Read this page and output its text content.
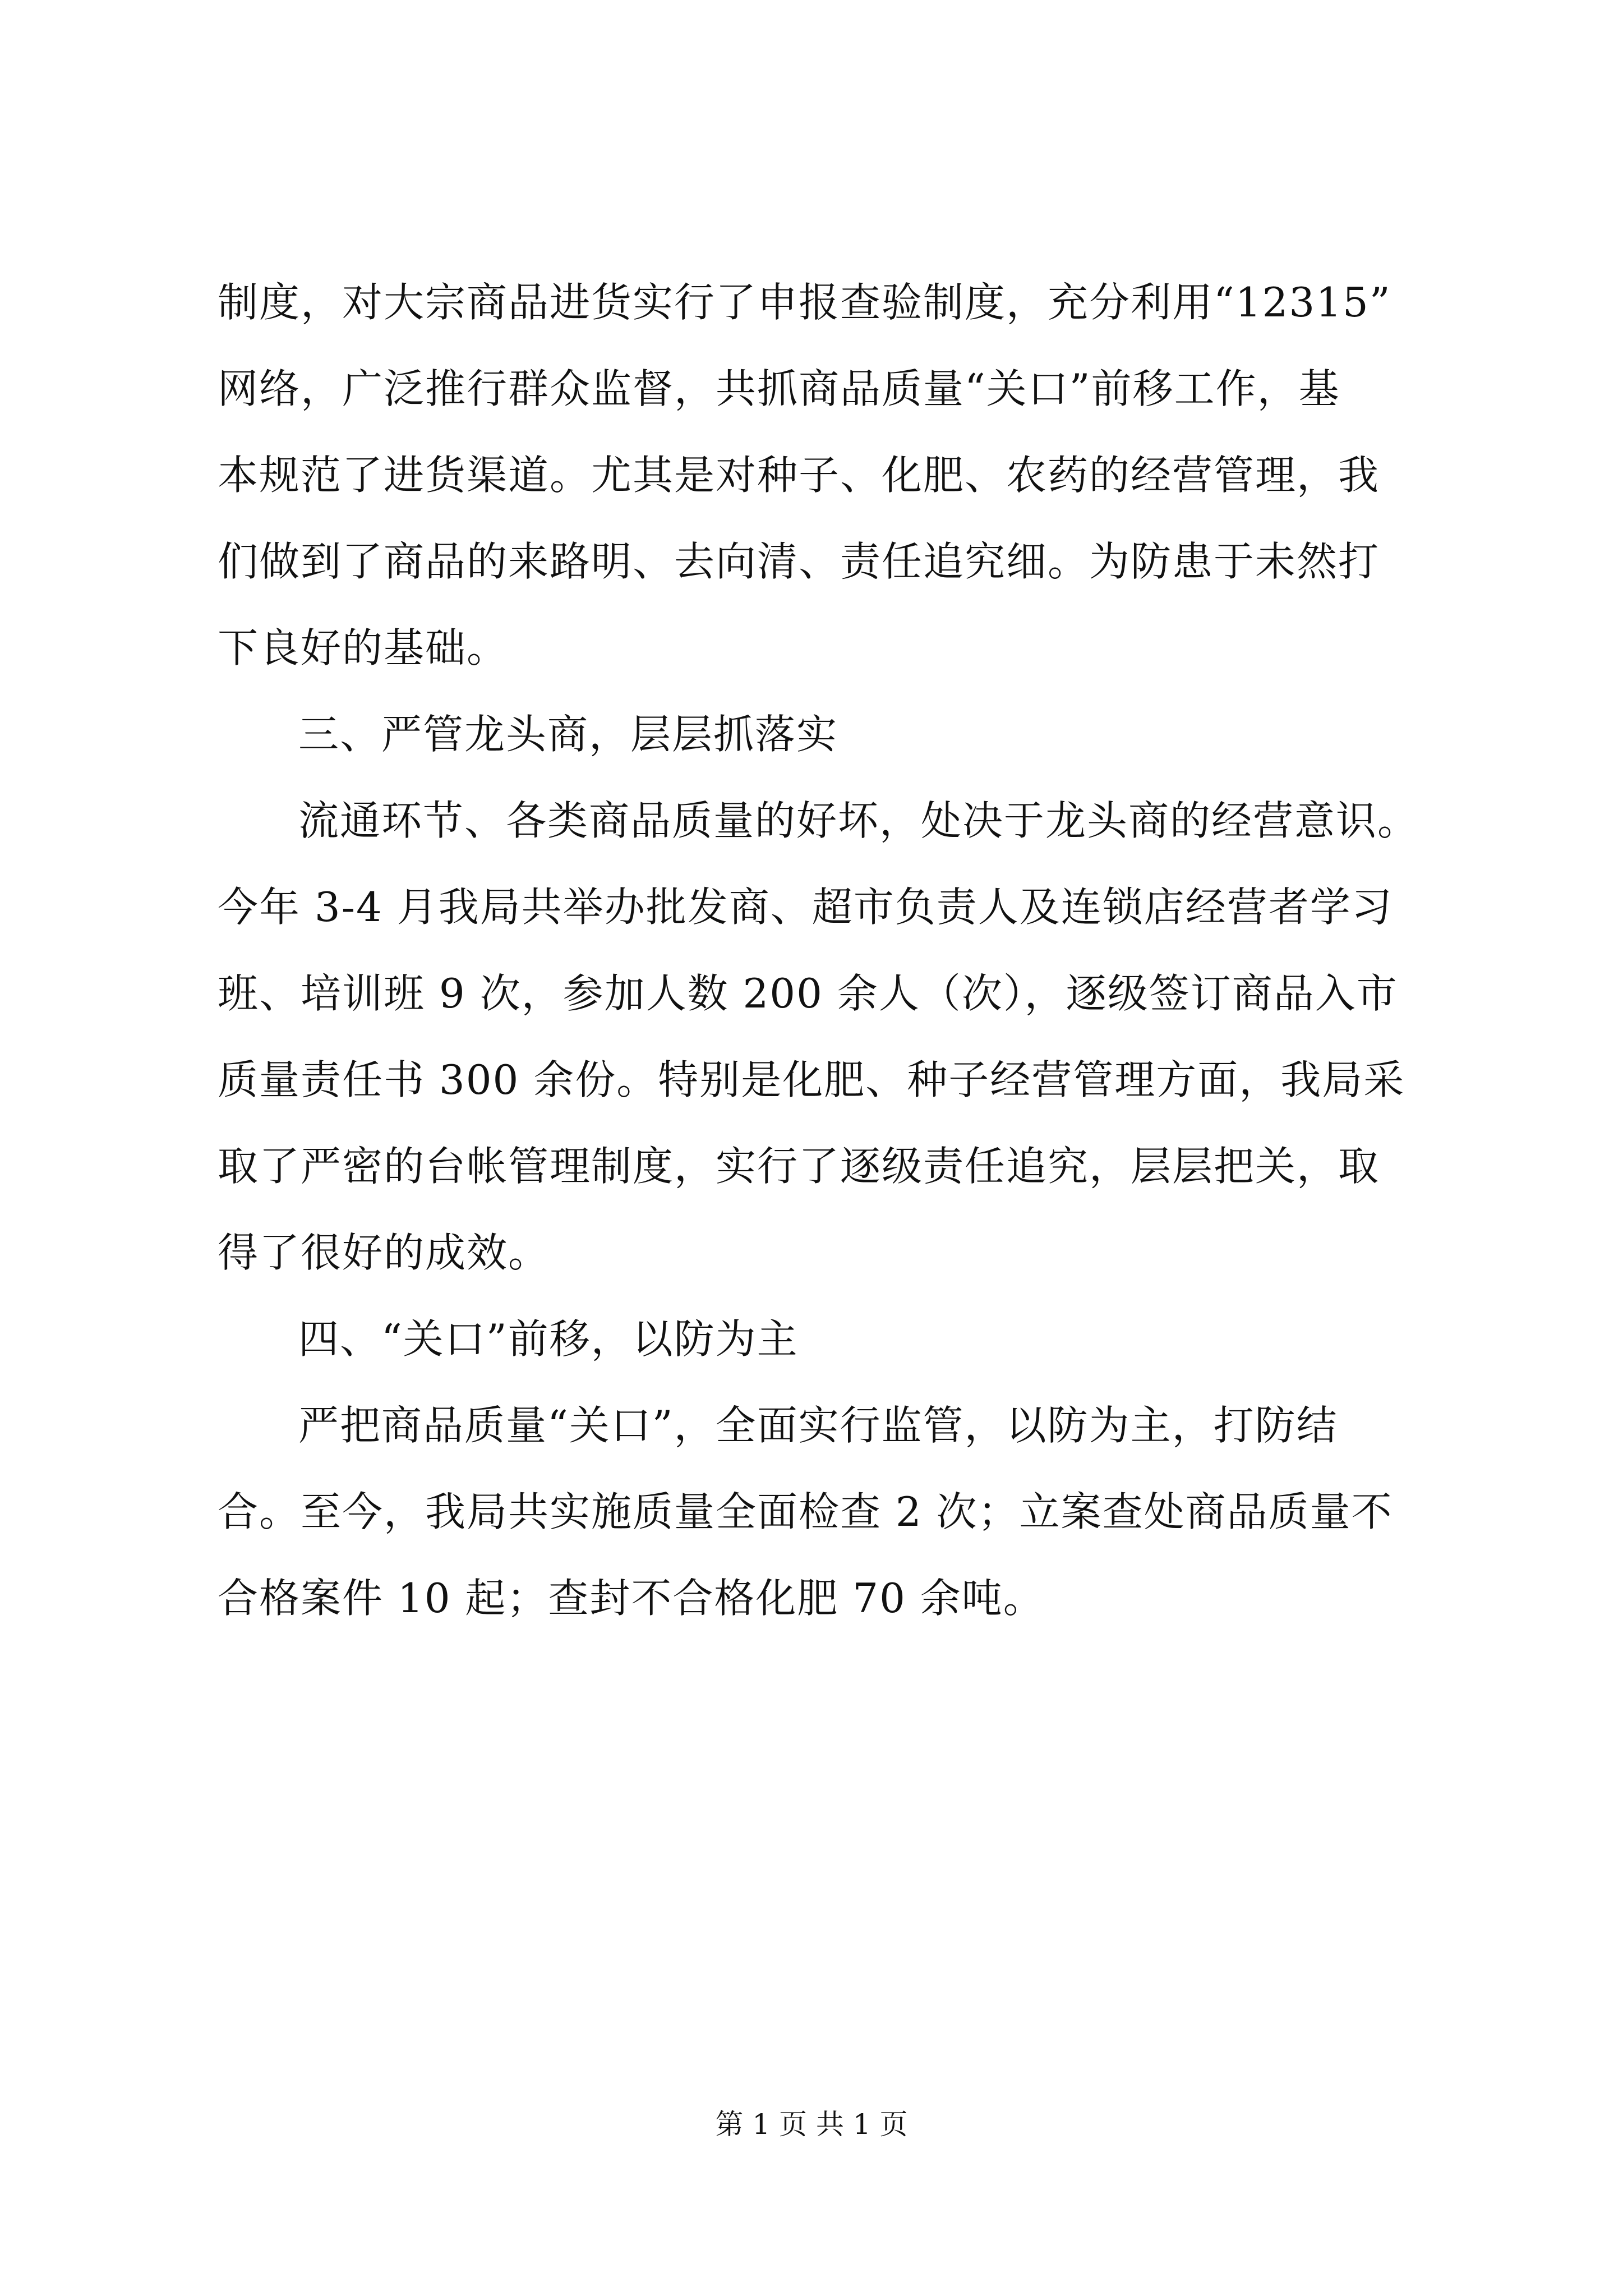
制度，对大宗商品进货实行了申报查验制度，充分利用“12315”
网络，广泛推行群众监督，共抓商品质量“关口”前移工作，基
本规范了进货渠道。尤其是对种子、化肥、农药的经营管理，我
们做到了商品的来路明、去向清、责任追究细。为防患于未然打
下良好的基础。
三、严管龙头商，层层抓落实
流通环节、各类商品质量的好坏，处决于龙头商的经营意识。
今年 3-4 月我局共举办批发商、超市负责人及连锁店经营者学习
班、培训班 9 次，参加人数 200 余人（次），逐级签订商品入市
质量责任书 300 余份。特别是化肥、种子经营管理方面，我局采
取了严密的台帐管理制度，实行了逐级责任追究，层层把关，取
得了很好的成效。
四、“关口”前移，以防为主
严把商品质量“关口”，全面实行监管，以防为主，打防结
合。至今，我局共实施质量全面检查 2 次；立案查处商品质量不
合格案件 10 起；查封不合格化肥 70 余吨。
第 1 页 共 1 页
